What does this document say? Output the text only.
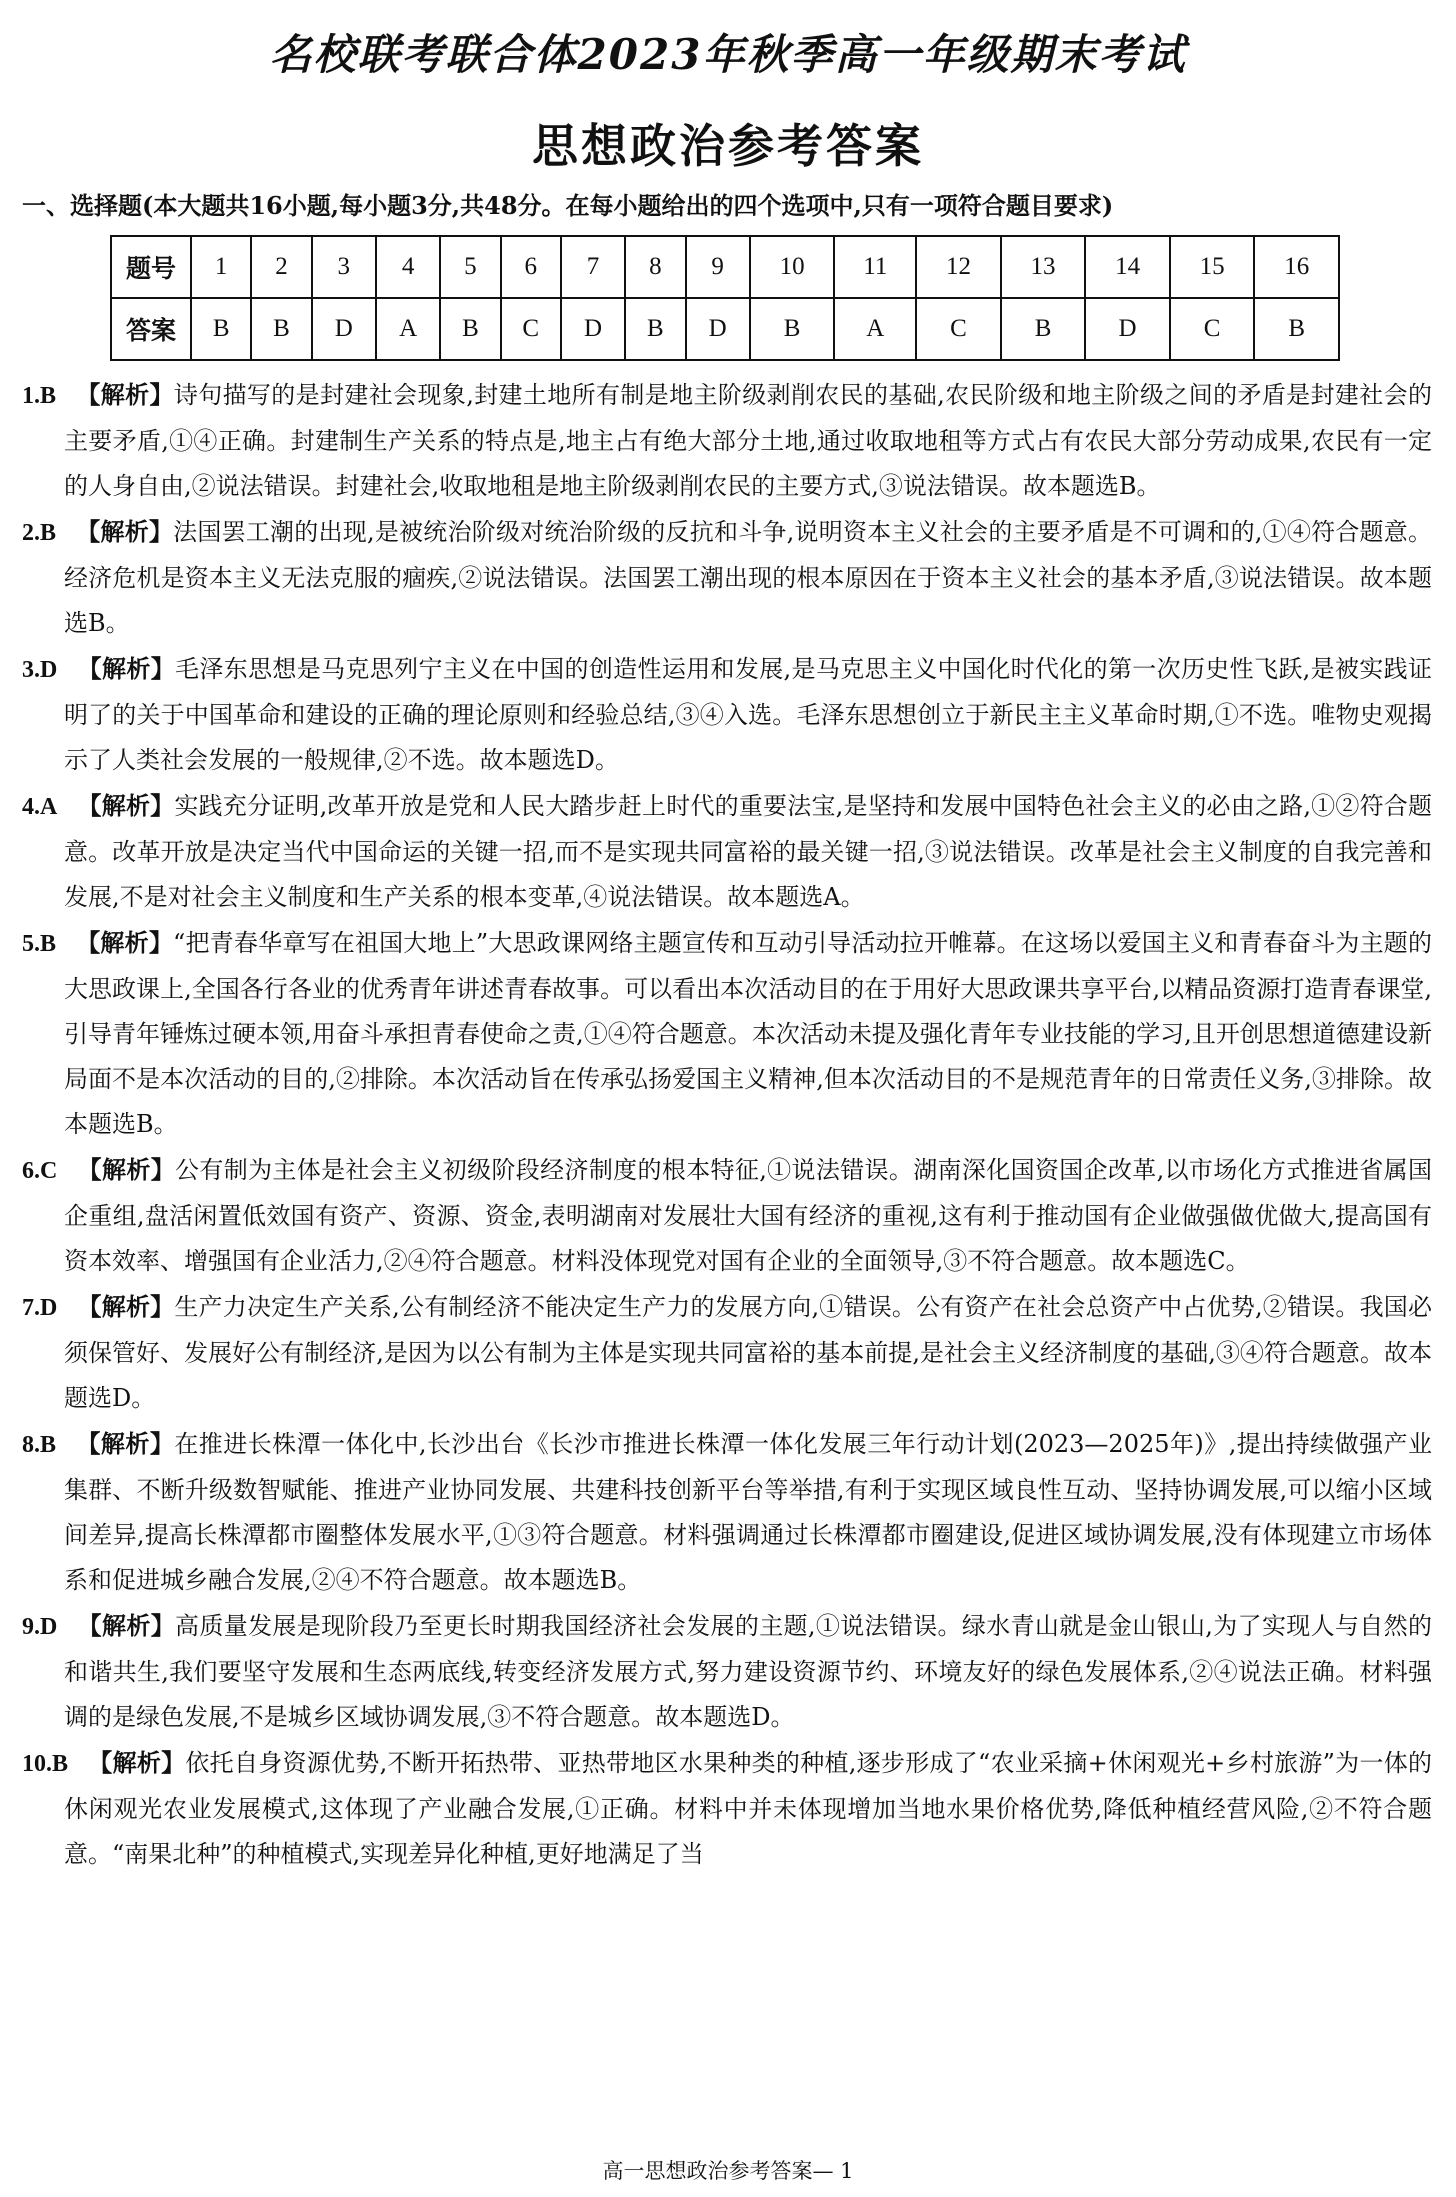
名校联考联合体2023年秋季高一年级期末考试
思想政治参考答案
一、选择题(本大题共16小题,每小题3分,共48分。在每小题给出的四个选项中,只有一项符合题目要求)
题号	1	2	3	4	5	6	7	8	9	10	11	12	13	14	15	16
答案	B	B	D	A	B	C	D	B	D	B	A	C	B	D	C	B

1.B 【解析】诗句描写的是封建社会现象,封建土地所有制是地主阶级剥削农民的基础,农民阶级和地主阶级之间的矛盾是封建社会的主要矛盾,①④正确。封建制生产关系的特点是,地主占有绝大部分土地,通过收取地租等方式占有农民大部分劳动成果,农民有一定的人身自由,②说法错误。封建社会,收取地租是地主阶级剥削农民的主要方式,③说法错误。故本题选B。

2.B 【解析】法国罢工潮的出现,是被统治阶级对统治阶级的反抗和斗争,说明资本主义社会的主要矛盾是不可调和的,①④符合题意。经济危机是资本主义无法克服的痼疾,②说法错误。法国罢工潮出现的根本原因在于资本主义社会的基本矛盾,③说法错误。故本题选B。

3.D 【解析】毛泽东思想是马克思列宁主义在中国的创造性运用和发展,是马克思主义中国化时代化的第一次历史性飞跃,是被实践证明了的关于中国革命和建设的正确的理论原则和经验总结,③④入选。毛泽东思想创立于新民主主义革命时期,①不选。唯物史观揭示了人类社会发展的一般规律,②不选。故本题选D。

4.A 【解析】实践充分证明,改革开放是党和人民大踏步赶上时代的重要法宝,是坚持和发展中国特色社会主义的必由之路,①②符合题意。改革开放是决定当代中国命运的关键一招,而不是实现共同富裕的最关键一招,③说法错误。改革是社会主义制度的自我完善和发展,不是对社会主义制度和生产关系的根本变革,④说法错误。故本题选A。

5.B 【解析】“把青春华章写在祖国大地上”大思政课网络主题宣传和互动引导活动拉开帷幕。在这场以爱国主义和青春奋斗为主题的大思政课上,全国各行各业的优秀青年讲述青春故事。可以看出本次活动目的在于用好大思政课共享平台,以精品资源打造青春课堂,引导青年锤炼过硬本领,用奋斗承担青春使命之责,①④符合题意。本次活动未提及强化青年专业技能的学习,且开创思想道德建设新局面不是本次活动的目的,②排除。本次活动旨在传承弘扬爱国主义精神,但本次活动目的不是规范青年的日常责任义务,③排除。故本题选B。

6.C 【解析】公有制为主体是社会主义初级阶段经济制度的根本特征,①说法错误。湖南深化国资国企改革,以市场化方式推进省属国企重组,盘活闲置低效国有资产、资源、资金,表明湖南对发展壮大国有经济的重视,这有利于推动国有企业做强做优做大,提高国有资本效率、增强国有企业活力,②④符合题意。材料没体现党对国有企业的全面领导,③不符合题意。故本题选C。

7.D 【解析】生产力决定生产关系,公有制经济不能决定生产力的发展方向,①错误。公有资产在社会总资产中占优势,②错误。我国必须保管好、发展好公有制经济,是因为以公有制为主体是实现共同富裕的基本前提,是社会主义经济制度的基础,③④符合题意。故本题选D。

8.B 【解析】在推进长株潭一体化中,长沙出台《长沙市推进长株潭一体化发展三年行动计划(2023—2025年)》,提出持续做强产业集群、不断升级数智赋能、推进产业协同发展、共建科技创新平台等举措,有利于实现区域良性互动、坚持协调发展,可以缩小区域间差异,提高长株潭都市圈整体发展水平,①③符合题意。材料强调通过长株潭都市圈建设,促进区域协调发展,没有体现建立市场体系和促进城乡融合发展,②④不符合题意。故本题选B。

9.D 【解析】高质量发展是现阶段乃至更长时期我国经济社会发展的主题,①说法错误。绿水青山就是金山银山,为了实现人与自然的和谐共生,我们要坚守发展和生态两底线,转变经济发展方式,努力建设资源节约、环境友好的绿色发展体系,②④说法正确。材料强调的是绿色发展,不是城乡区域协调发展,③不符合题意。故本题选D。

10.B 【解析】依托自身资源优势,不断开拓热带、亚热带地区水果种类的种植,逐步形成了“农业采摘+休闲观光+乡村旅游”为一体的休闲观光农业发展模式,这体现了产业融合发展,①正确。材料中并未体现增加当地水果价格优势,降低种植经营风险,②不符合题意。“南果北种”的种植模式,实现差异化种植,更好地满足了当

高一思想政治参考答案— 1
